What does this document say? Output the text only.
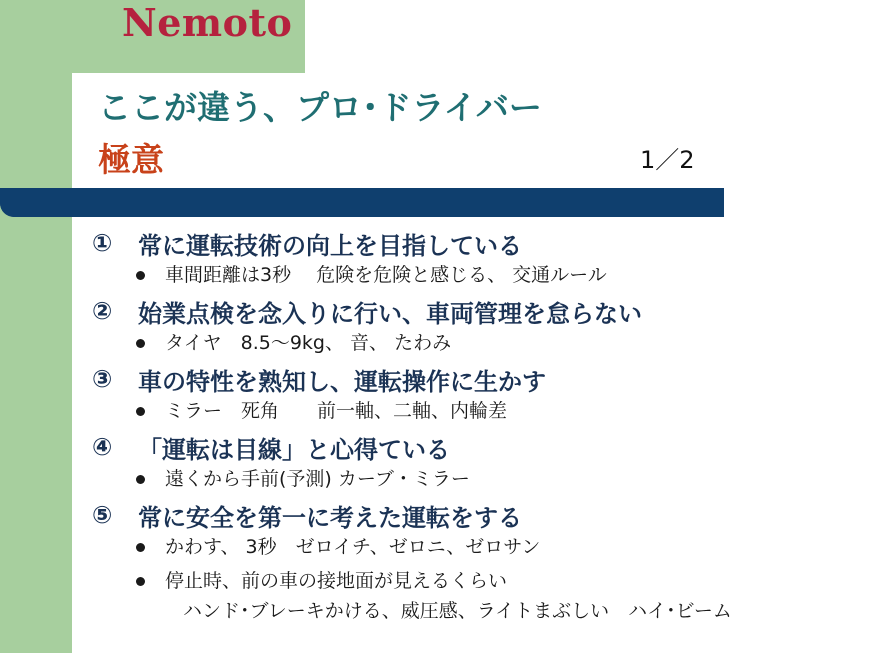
Nemoto
ここが違う、プロ･ドライバー
極意	1／2
①	常に運転技術の向上を目指している
車間距離は3秒　 危険を危険と感じる、 交通ルール
②	始業点検を念入りに行い、車両管理を怠らない
タイヤ　8.5～9kg、 音、 たわみ
③	車の特性を熟知し、運転操作に生かす
ミラー　死角　　前一軸、二軸、内輪差
④	「運転は目線」と心得ている
遠くから手前(予測) カーブ・ミラー
⑤	常に安全を第一に考えた運転をする
かわす、 3秒　ゼロイチ、ゼロニ、ゼロサン
停止時、前の車の接地面が見えるくらい
ハンド･ブレーキかける、威圧感、ライトまぶしい　ハイ･ビーム
